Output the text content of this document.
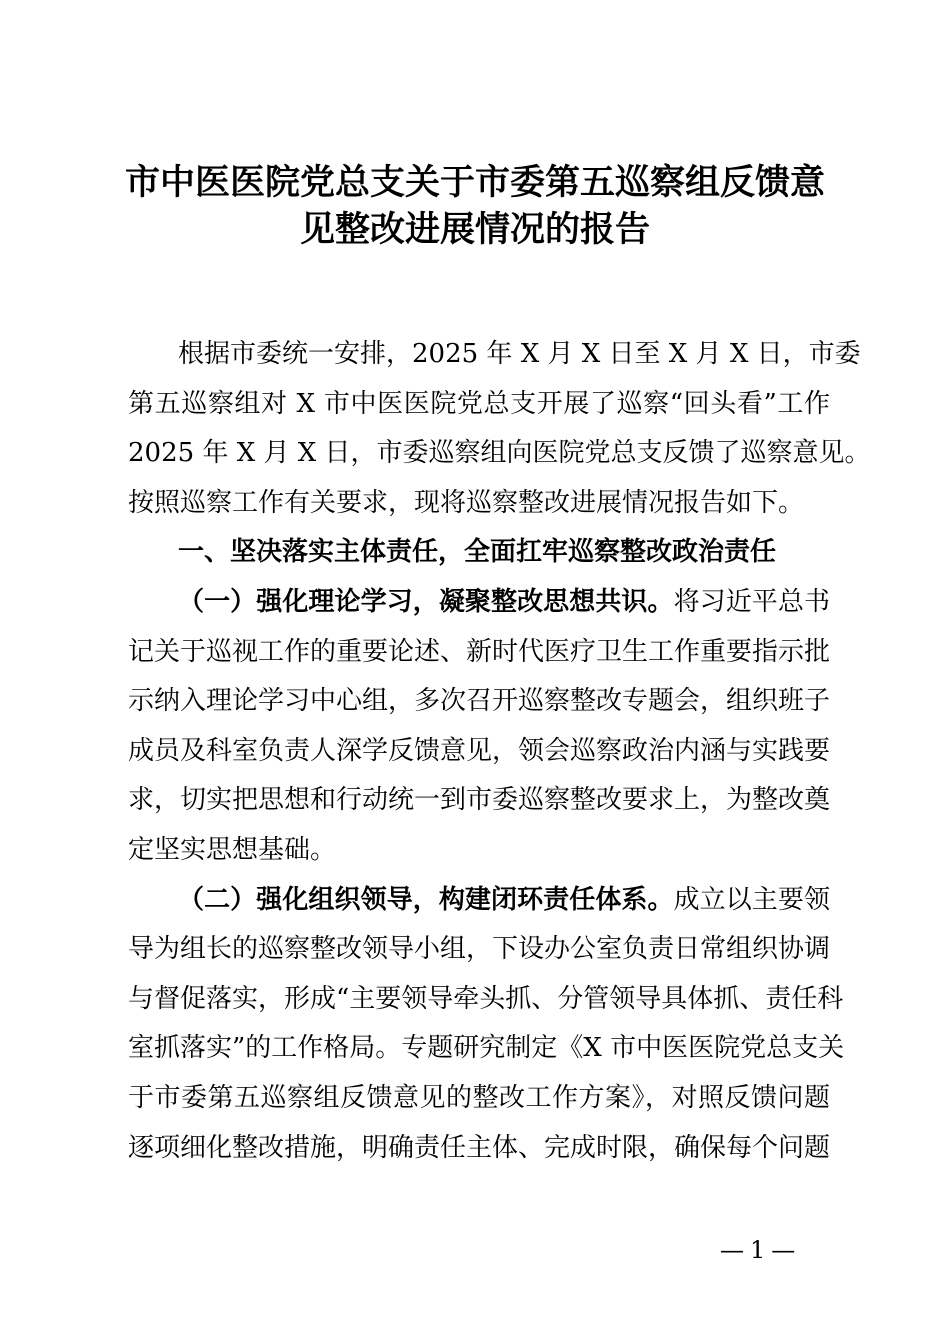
市中医医院党总支关于市委第五巡察组反馈意
见整改进展情况的报告
根据市委统一安排，2025 年 X 月 X 日至 X 月 X 日，市委
第五巡察组对 X 市中医医院党总支开展了巡察“回头看”工作
2025 年 X 月 X 日，市委巡察组向医院党总支反馈了巡察意见。
按照巡察工作有关要求，现将巡察整改进展情况报告如下。
一、坚决落实主体责任，全面扛牢巡察整改政治责任
（一）强化理论学习，凝聚整改思想共识。将习近平总书
记关于巡视工作的重要论述、新时代医疗卫生工作重要指示批
示纳入理论学习中心组，多次召开巡察整改专题会，组织班子
成员及科室负责人深学反馈意见，领会巡察政治内涵与实践要
求，切实把思想和行动统一到市委巡察整改要求上，为整改奠
定坚实思想基础。
（二）强化组织领导，构建闭环责任体系。成立以主要领
导为组长的巡察整改领导小组，下设办公室负责日常组织协调
与督促落实，形成“主要领导牵头抓、分管领导具体抓、责任科
室抓落实”的工作格局。专题研究制定《X 市中医医院党总支关
于市委第五巡察组反馈意见的整改工作方案》，对照反馈问题
逐项细化整改措施，明确责任主体、完成时限，确保每个问题
—1—
